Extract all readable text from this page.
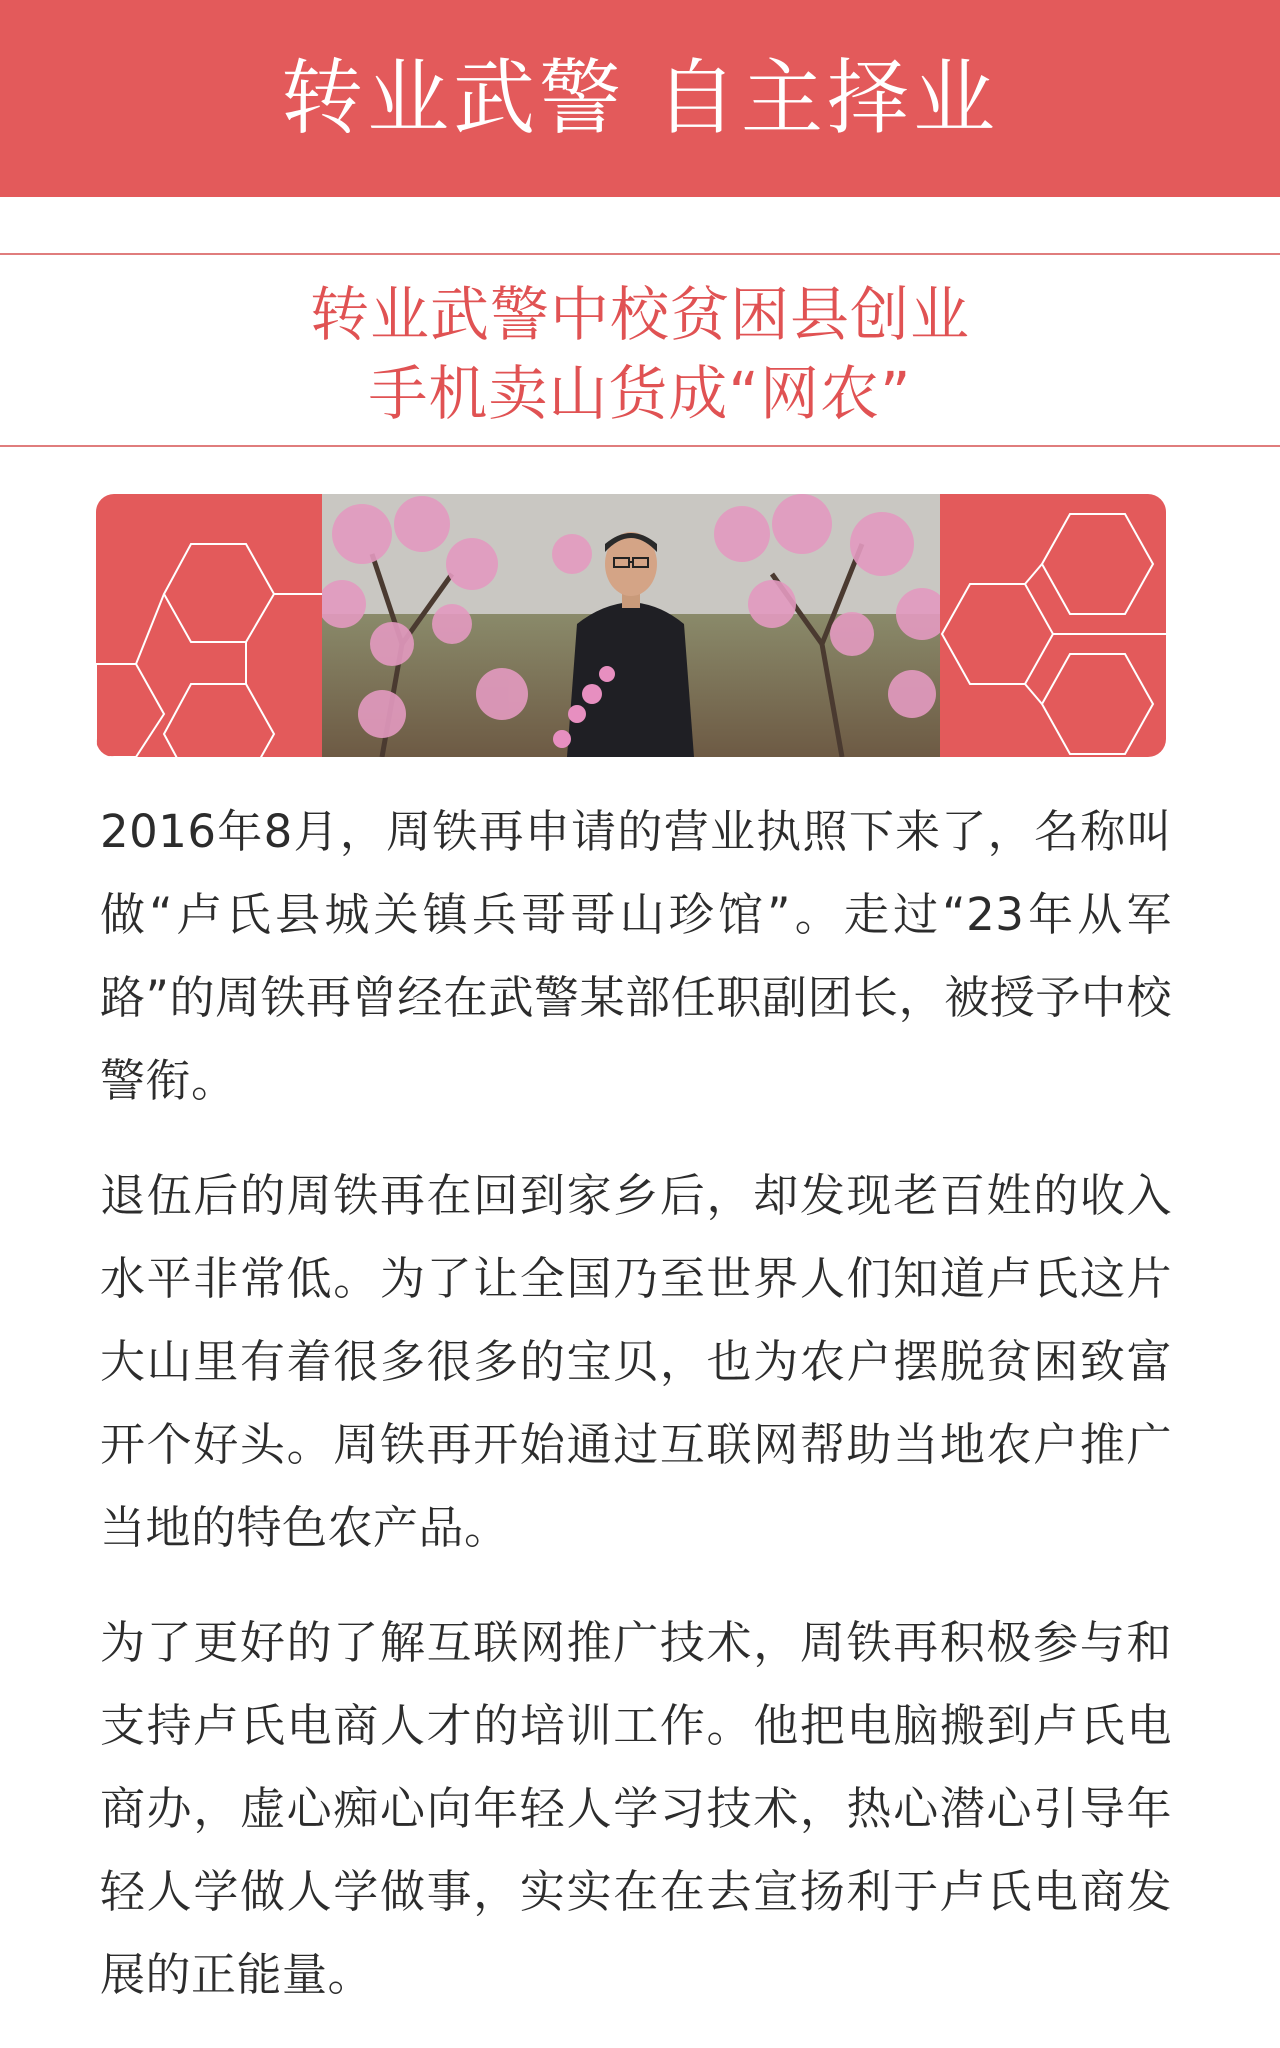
转业武警 自主择业
转业武警中校贫困县创业
手机卖山货成“网农”

2016年8月，周铁再申请的营业执照下来了，名称叫做“卢氏县城关镇兵哥哥山珍馆”。走过“23年从军路”的周铁再曾经在武警某部任职副团长，被授予中校警衔。

退伍后的周铁再在回到家乡后，却发现老百姓的收入水平非常低。为了让全国乃至世界人们知道卢氏这片大山里有着很多很多的宝贝，也为农户摆脱贫困致富开个好头。周铁再开始通过互联网帮助当地农户推广当地的特色农产品。

为了更好的了解互联网推广技术，周铁再积极参与和支持卢氏电商人才的培训工作。他把电脑搬到卢氏电商办，虚心痴心向年轻人学习技术，热心潜心引导年轻人学做人学做事，实实在在去宣扬利于卢氏电商发展的正能量。
